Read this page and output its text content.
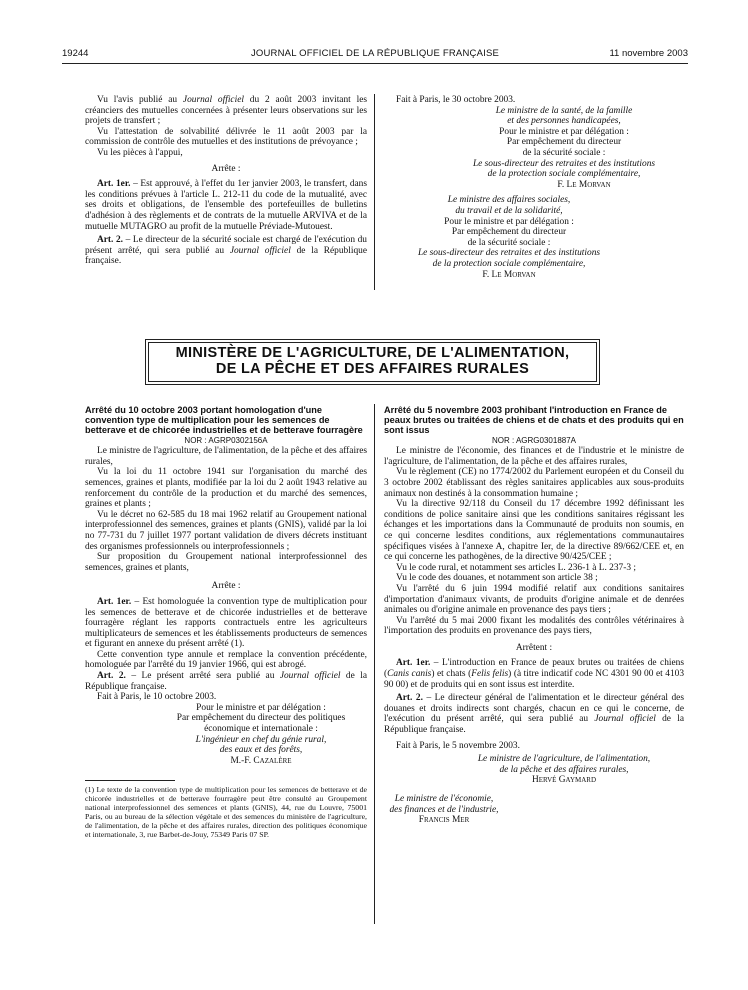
19244	JOURNAL OFFICIEL DE LA RÉPUBLIQUE FRANÇAISE	11 novembre 2003

Vu l'avis publié au Journal officiel du 2 août 2003 invitant les créanciers des mutuelles concernées à présenter leurs observations sur les projets de transfert ;

Vu l'attestation de solvabilité délivrée le 11 août 2003 par la commission de contrôle des mutuelles et des institutions de prévoyance ;

Vu les pièces à l'appui,

Arrête :

Art. 1er. – Est approuvé, à l'effet du 1er janvier 2003, le transfert, dans les conditions prévues à l'article L. 212-11 du code de la mutualité, avec ses droits et obligations, de l'ensemble des portefeuilles de bulletins d'adhésion à des règlements et de contrats de la mutuelle ARVIVA et de la mutuelle MUTAGRO au profit de la mutuelle Préviade-Mutouest.

Art. 2. – Le directeur de la sécurité sociale est chargé de l'exécution du présent arrêté, qui sera publié au Journal officiel de la République française.

Fait à Paris, le 30 octobre 2003.

Le ministre de la santé, de la famille

et des personnes handicapées,

Pour le ministre et par délégation :

Par empêchement du directeur

de la sécurité sociale :

Le sous-directeur des retraites et des institutions

de la protection sociale complémentaire,

F. Le Morvan

Le ministre des affaires sociales,

du travail et de la solidarité,

Pour le ministre et par délégation :

Par empêchement du directeur

de la sécurité sociale :

Le sous-directeur des retraites et des institutions

de la protection sociale complémentaire,

F. Le Morvan

MINISTÈRE DE L'AGRICULTURE, DE L'ALIMENTATION,
DE LA PÊCHE ET DES AFFAIRES RURALES

Arrêté du 10 octobre 2003 portant homologation d'une convention type de multiplication pour les semences de betterave et de chicorée industrielles et de betterave fourragère

NOR : AGRP0302156A

Le ministre de l'agriculture, de l'alimentation, de la pêche et des affaires rurales,

Vu la loi du 11 octobre 1941 sur l'organisation du marché des semences, graines et plants, modifiée par la loi du 2 août 1943 relative au renforcement du contrôle de la production et du marché des semences, graines et plants ;

Vu le décret no 62-585 du 18 mai 1962 relatif au Groupement national interprofessionnel des semences, graines et plants (GNIS), validé par la loi no 77-731 du 7 juillet 1977 portant validation de divers décrets instituant des organismes professionnels ou interprofessionnels ;

Sur proposition du Groupement national interprofessionnel des semences, graines et plants,

Arrête :

Art. 1er. – Est homologuée la convention type de multiplication pour les semences de betterave et de chicorée industrielles et de betterave fourragère réglant les rapports contractuels entre les agriculteurs multiplicateurs de semences et les établissements producteurs de semences et figurant en annexe du présent arrêté (1).

Cette convention type annule et remplace la convention précédente, homologuée par l'arrêté du 19 janvier 1966, qui est abrogé.

Art. 2. – Le présent arrêté sera publié au Journal officiel de la République française.

Fait à Paris, le 10 octobre 2003.

Pour le ministre et par délégation :

Par empêchement du directeur des politiques

économique et internationale :

L'ingénieur en chef du génie rural,

des eaux et des forêts,

M.-F. Cazalère

(1) Le texte de la convention type de multiplication pour les semences de betterave et de chicorée industrielles et de betterave fourragère peut être consulté au Groupement national interprofessionnel des semences et plants (GNIS), 44, rue du Louvre, 75001 Paris, ou au bureau de la sélection végétale et des semences du ministère de l'agriculture, de l'alimentation, de la pêche et des affaires rurales, direction des politiques économique et internationale, 3, rue Barbet-de-Jouy, 75349 Paris 07 SP.

Arrêté du 5 novembre 2003 prohibant l'introduction en France de peaux brutes ou traitées de chiens et de chats et des produits qui en sont issus

NOR : AGRG0301887A

Le ministre de l'économie, des finances et de l'industrie et le ministre de l'agriculture, de l'alimentation, de la pêche et des affaires rurales,

Vu le règlement (CE) no 1774/2002 du Parlement européen et du Conseil du 3 octobre 2002 établissant des règles sanitaires applicables aux sous-produits animaux non destinés à la consommation humaine ;

Vu la directive 92/118 du Conseil du 17 décembre 1992 définissant les conditions de police sanitaire ainsi que les conditions sanitaires régissant les échanges et les importations dans la Communauté de produits non soumis, en ce qui concerne lesdites conditions, aux réglementations communautaires spécifiques visées à l'annexe A, chapitre Ier, de la directive 89/662/CEE et, en ce qui concerne les pathogènes, de la directive 90/425/CEE ;

Vu le code rural, et notamment ses articles L. 236-1 à L. 237-3 ;

Vu le code des douanes, et notamment son article 38 ;

Vu l'arrêté du 6 juin 1994 modifié relatif aux conditions sanitaires d'importation d'animaux vivants, de produits d'origine animale et de denrées animales ou d'origine animale en provenance des pays tiers ;

Vu l'arrêté du 5 mai 2000 fixant les modalités des contrôles vétérinaires à l'importation des produits en provenance des pays tiers,

Arrêtent :

Art. 1er. – L'introduction en France de peaux brutes ou traitées de chiens (Canis canis) et chats (Felis felis) (à titre indicatif code NC 4301 90 00 et 4103 90 00) et de produits qui en sont issus est interdite.

Art. 2. – Le directeur général de l'alimentation et le directeur général des douanes et droits indirects sont chargés, chacun en ce qui le concerne, de l'exécution du présent arrêté, qui sera publié au Journal officiel de la République française.

Fait à Paris, le 5 novembre 2003.

Le ministre de l'agriculture, de l'alimentation,

de la pêche et des affaires rurales,

Hervé Gaymard

Le ministre de l'économie,

des finances et de l'industrie,

Francis Mer
